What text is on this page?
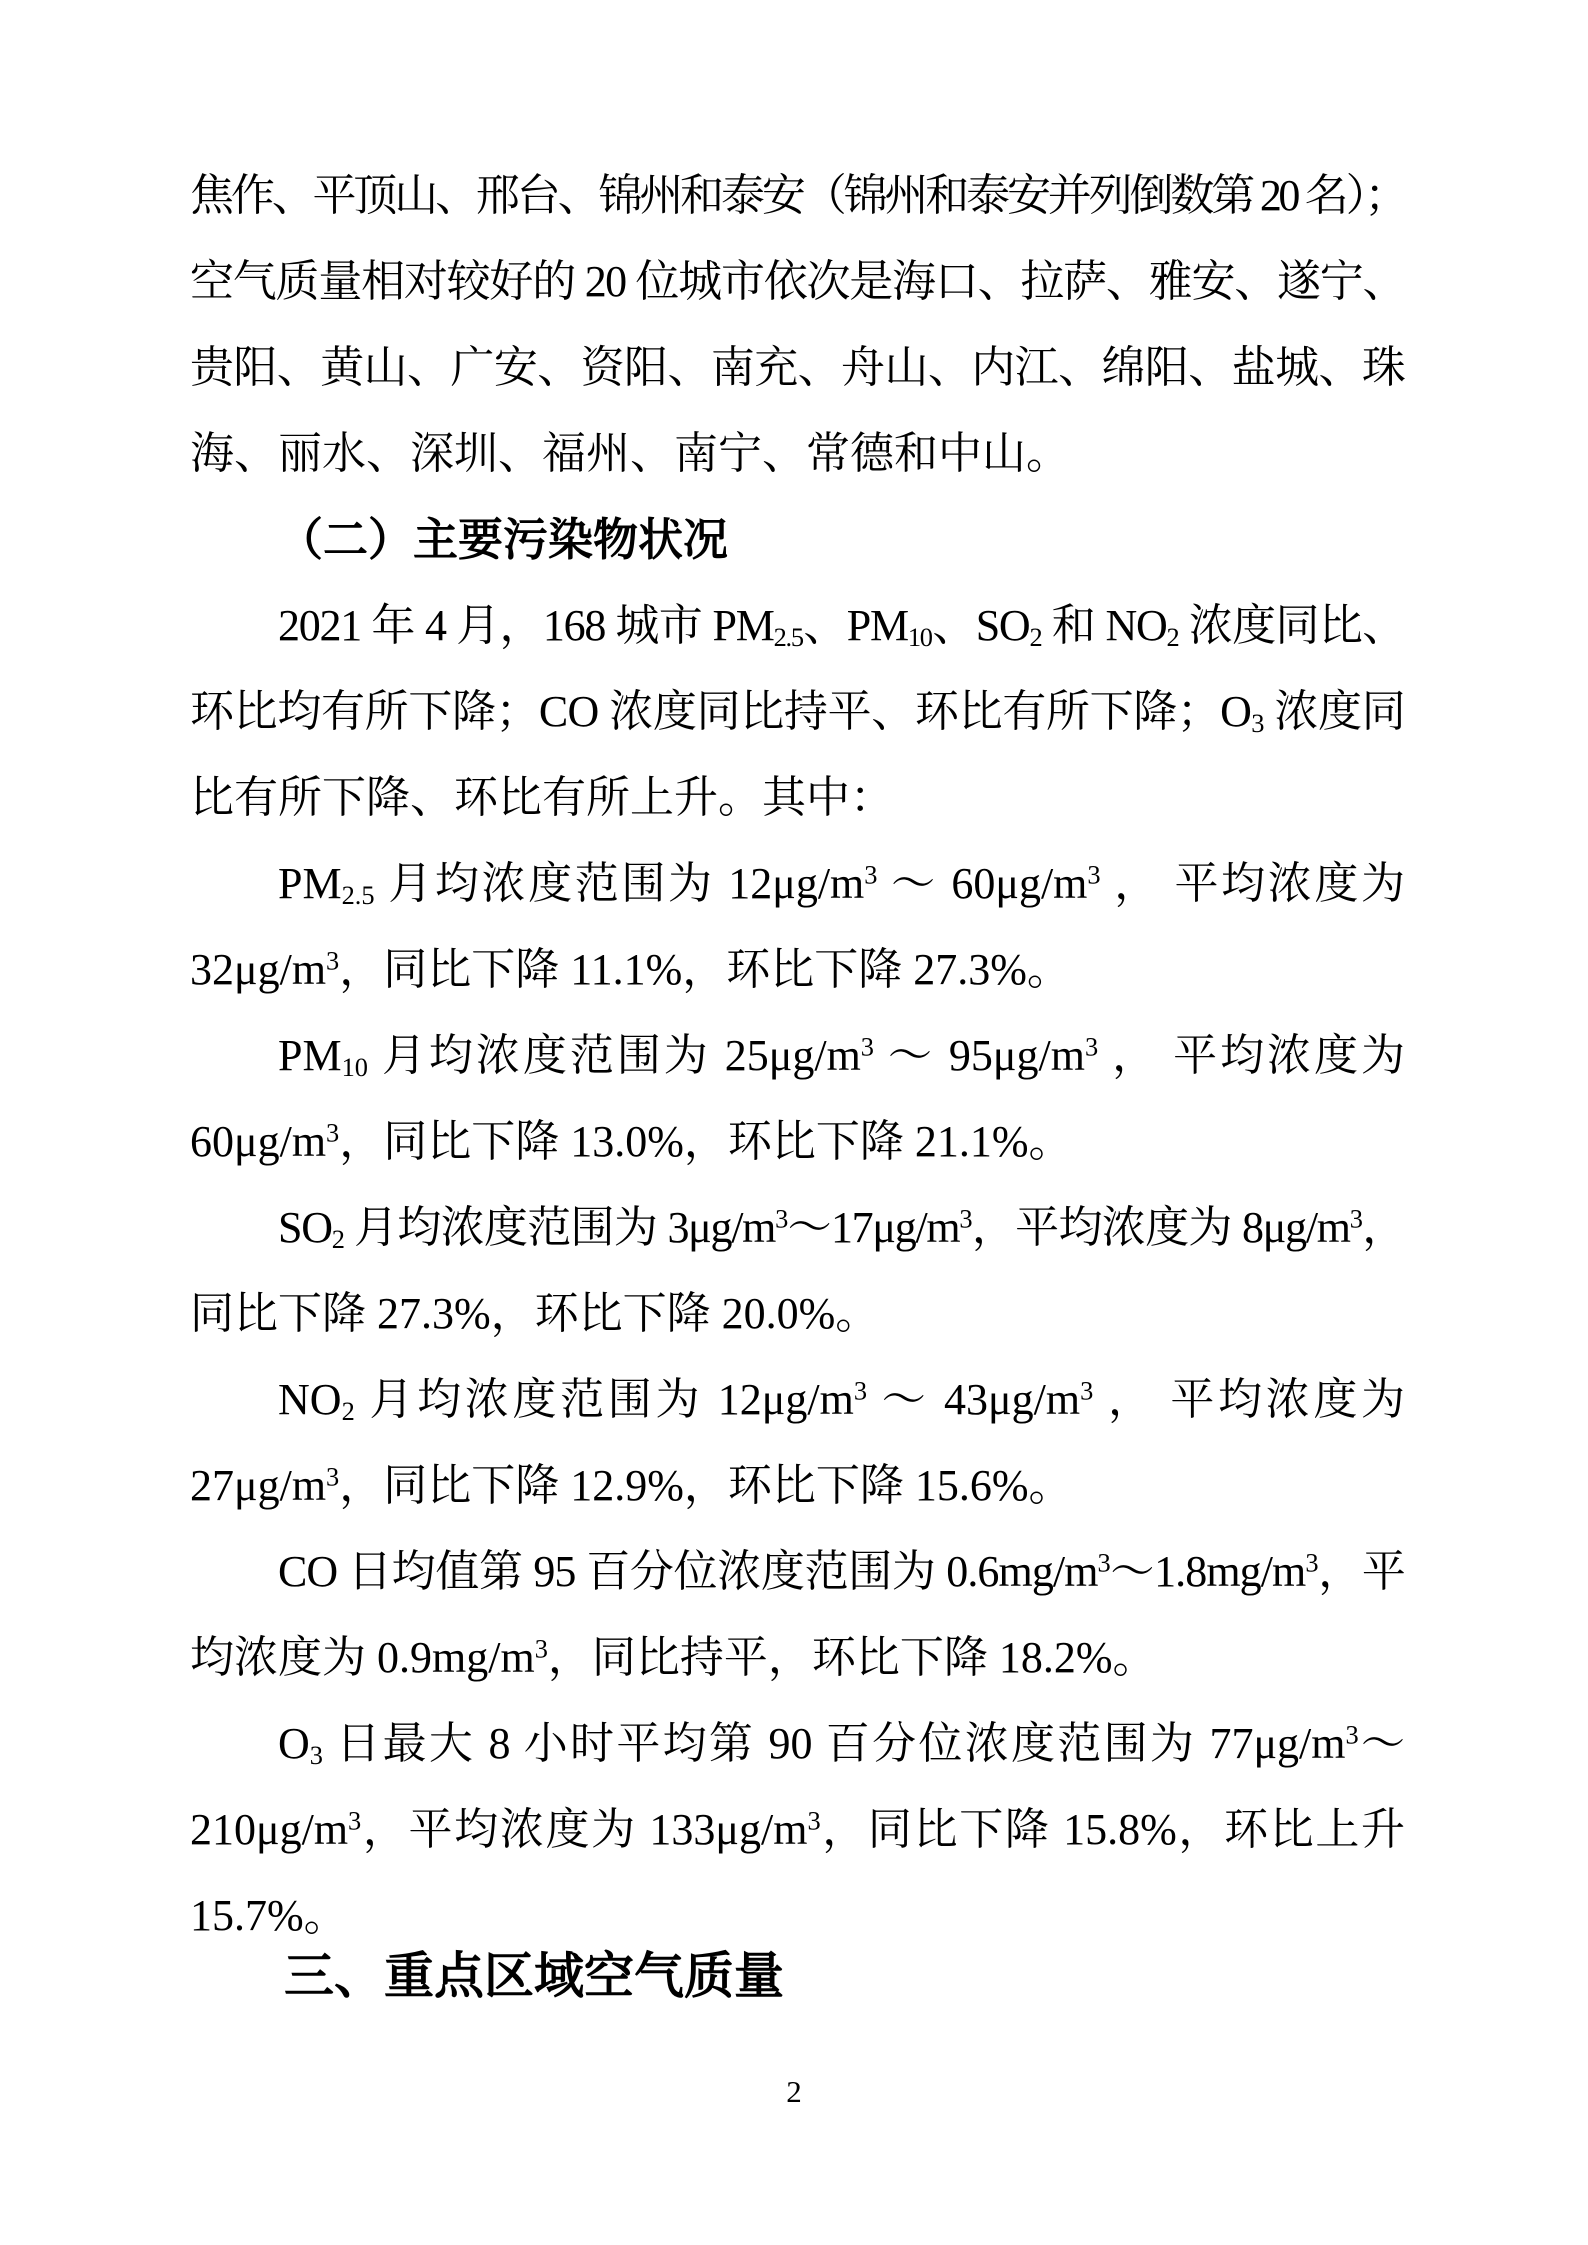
焦作、平顶山、邢台、锦州和泰安（锦州和泰安并列倒数第 20 名）；
空气质量相对较好的 20 位城市依次是海口、拉萨、雅安、遂宁、
贵阳、黄山、广安、资阳、南充、舟山、内江、绵阳、盐城、珠
海、丽水、深圳、福州、南宁、常德和中山。
（二）主要污染物状况
2021 年 4 月，168 城市 $PM_{2.5}$、$PM_{10}$、$SO_2$ 和 $NO_2$ 浓度同比、
环比均有所下降；CO 浓度同比持平、环比有所下降；$O_3$ 浓度同
比有所下降、环比有所上升。其中：
$PM_{2.5}$ 月均浓度范围为 $12\mu g/m^3$ ～ $60\mu g/m^3$ ， 平均浓度为
$32\mu g/m^3$，同比下降 11.1%，环比下降 27.3%。
$PM_{10}$ 月均浓度范围为 $25\mu g/m^3$ ～ $95\mu g/m^3$ ， 平均浓度为
$60\mu g/m^3$，同比下降 13.0%，环比下降 21.1%。
$SO_2$ 月均浓度范围为 $3\mu g/m^3\sim 17\mu g/m^3$，平均浓度为 $8\mu g/m^3$，
同比下降 27.3%，环比下降 20.0%。
$NO_2$ 月均浓度范围为 $12\mu g/m^3$ ～ $43\mu g/m^3$ ， 平均浓度为
$27\mu g/m^3$，同比下降 12.9%，环比下降 15.6%。
CO 日均值第 95 百分位浓度范围为 $0.6mg/m^3\sim 1.8mg/m^3$，平
均浓度为 $0.9mg/m^3$，同比持平，环比下降 18.2%。
$O_3$ 日最大 8 小时平均第 90 百分位浓度范围为 $77\mu g/m^3\sim$
$210\mu g/m^3$，平均浓度为 $133\mu g/m^3$，同比下降 15.8%，环比上升
15.7%。
三、重点区域空气质量
2
